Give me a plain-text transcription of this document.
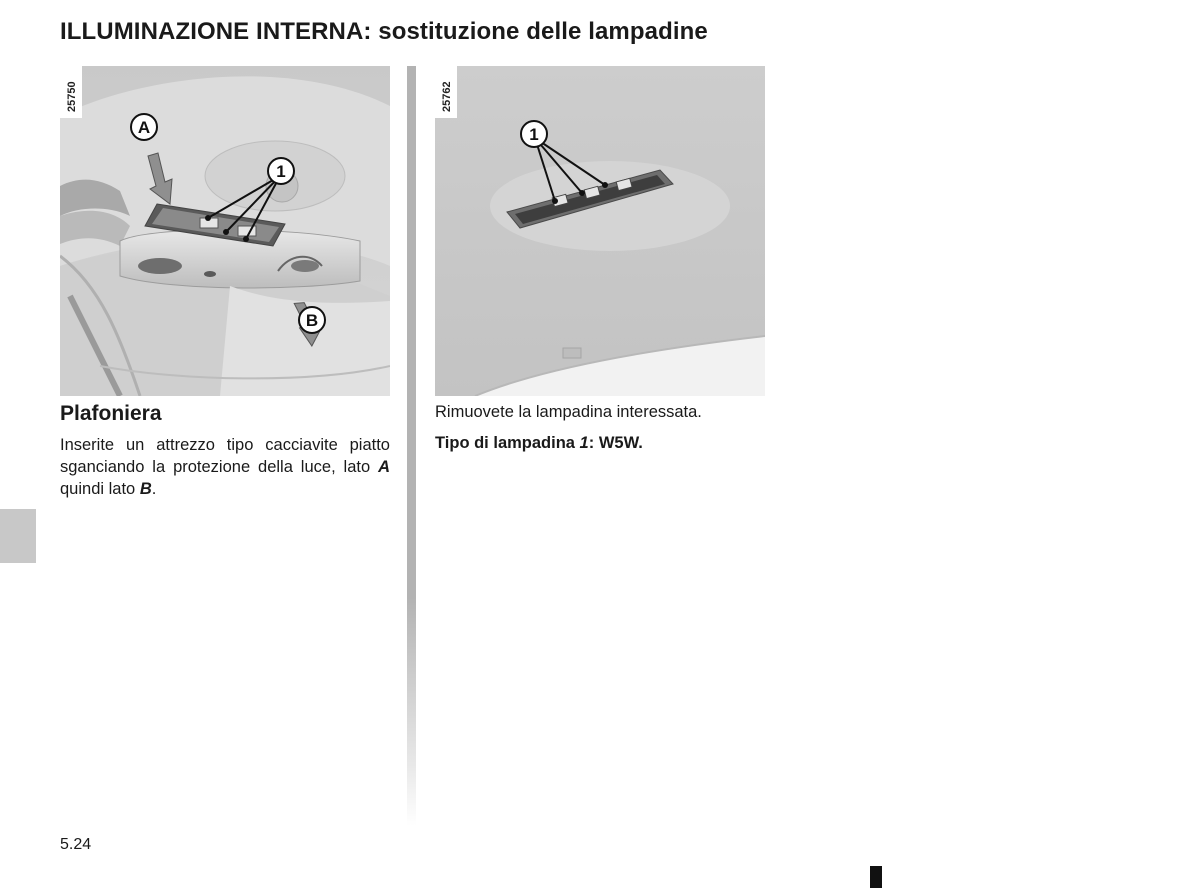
ILLUMINAZIONE INTERNA: sostituzione delle lampadine
A
1
B
25750
1
25762
Plafoniera
Inserite un attrezzo tipo cacciavite piatto sganciando la protezione della luce, lato A quindi lato B.
Rimuovete la lampadina interessata.
Tipo di lampadina 1: W5W.
5.24
